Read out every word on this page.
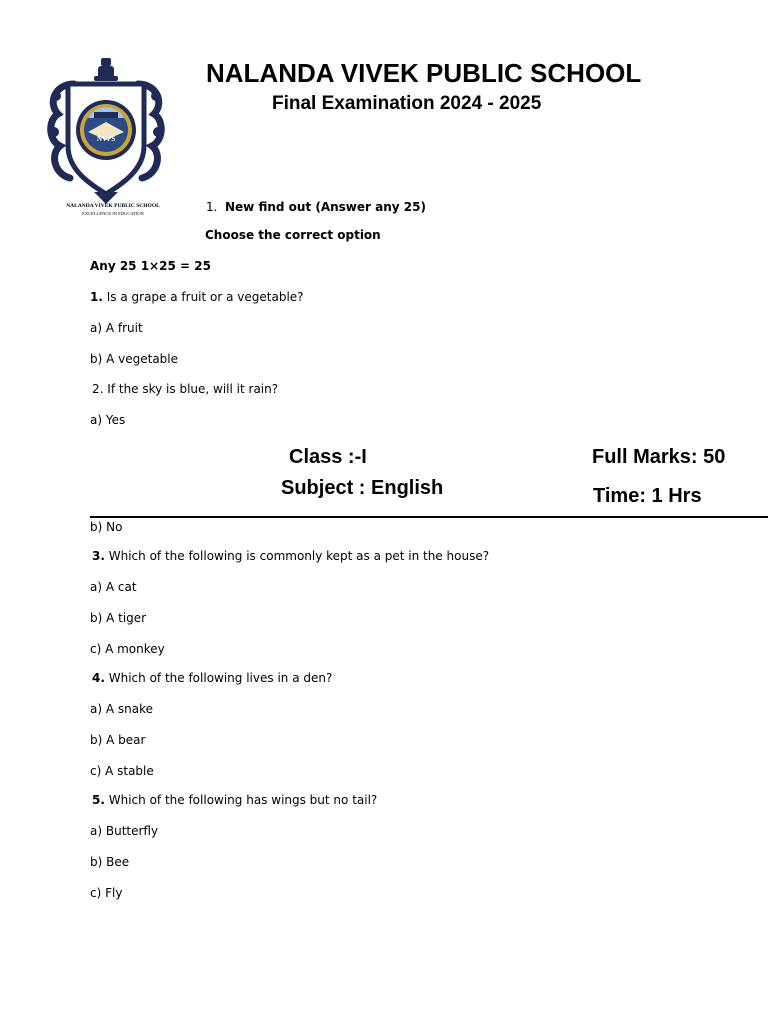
NVPS
NALANDA VIVEK PUBLIC SCHOOL
EXCELLENCE IN EDUCATION
NALANDA VIVEK PUBLIC SCHOOL
Final Examination 2024 - 2025
1. New find out (Answer any 25)
Choose the correct option
Any 25 1×25 = 25
1. Is a grape a fruit or a vegetable?
a) A fruit
b) A vegetable
2. If the sky is blue, will it rain?
a) Yes
Class :-I	Full Marks: 50
Subject : English	Time: 1 Hrs
b) No
3. Which of the following is commonly kept as a pet in the house?
a) A cat
b) A tiger
c) A monkey
4. Which of the following lives in a den?
a) A snake
b) A bear
c) A stable
5. Which of the following has wings but no tail?
a) Butterfly
b) Bee
c) Fly
